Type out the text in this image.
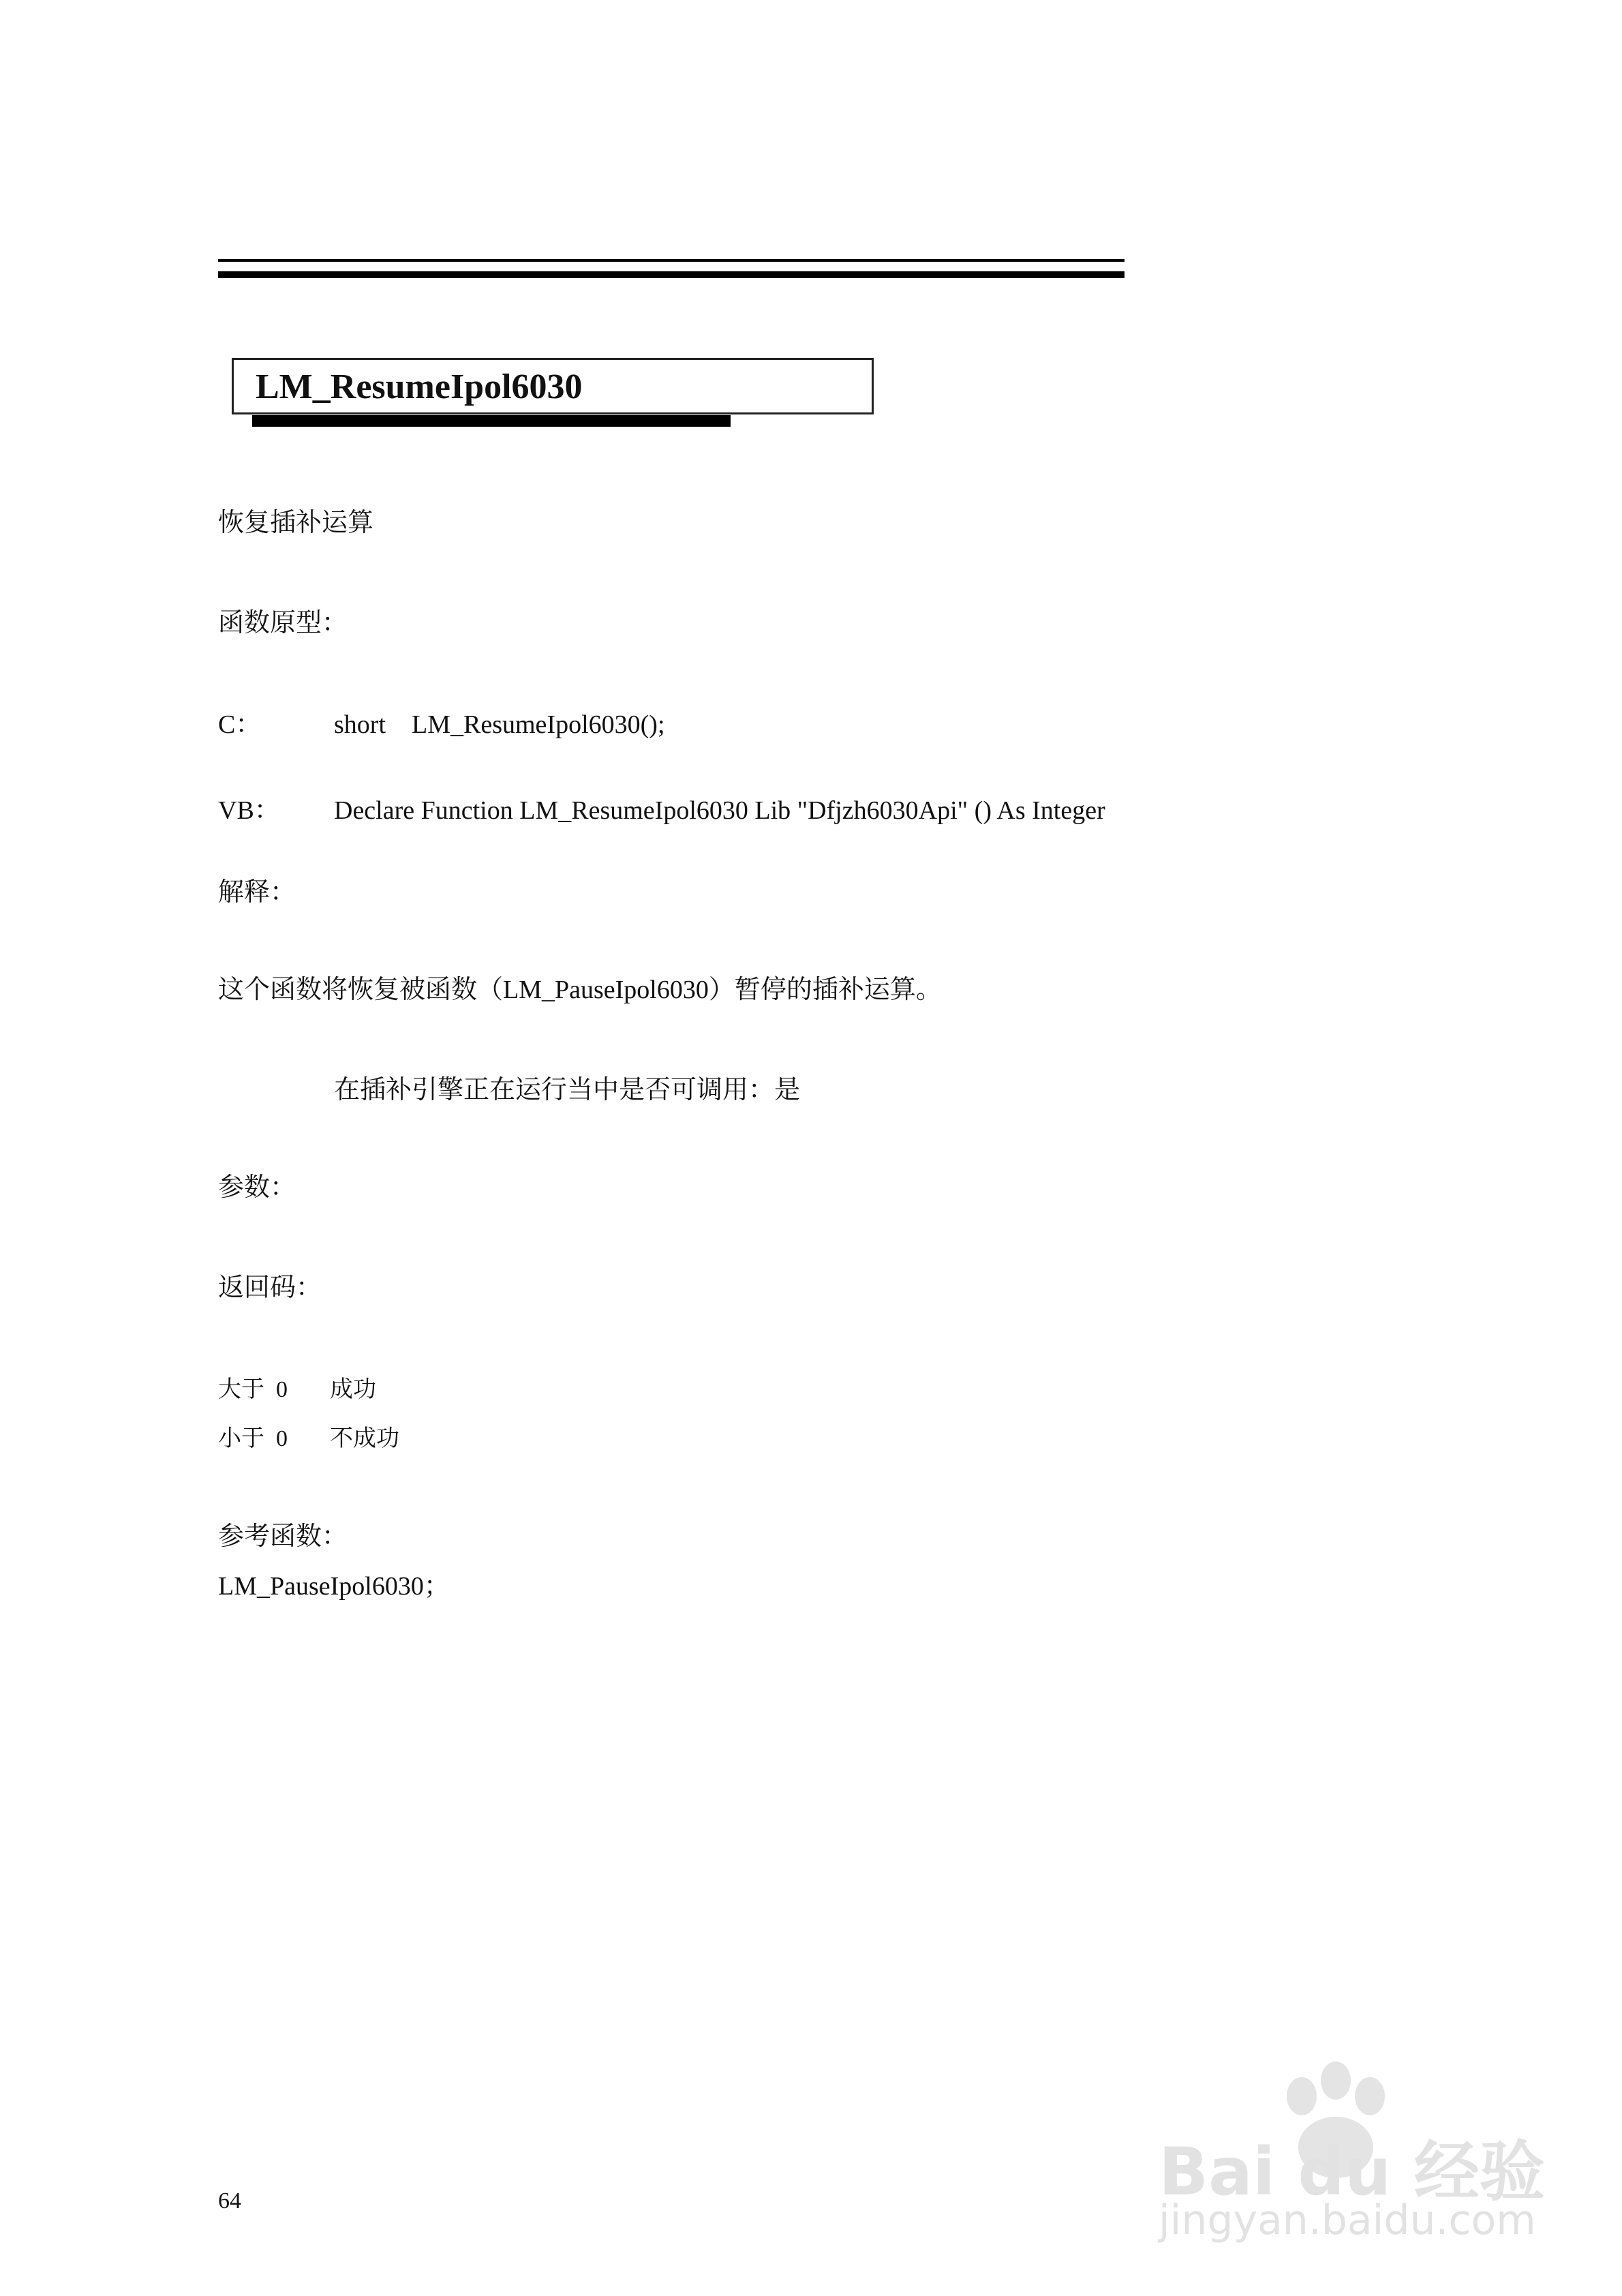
LM_ResumeIpol6030
恢复插补运算
函数原型：
C：	short    LM_ResumeIpol6030();
VB： Declare Function LM_ResumeIpol6030 Lib "Dfjzh6030Api" () As Integer
解释：
这个函数将恢复被函数（LM_PauseIpol6030）暂停的插补运算。
在插补引擎正在运行当中是否可调用：是
参数：
返回码：
大于  0 成功
小于  0 不成功
参考函数：
LM_PauseIpol6030；
64	Bai du 经验
jingyan.baidu.com
